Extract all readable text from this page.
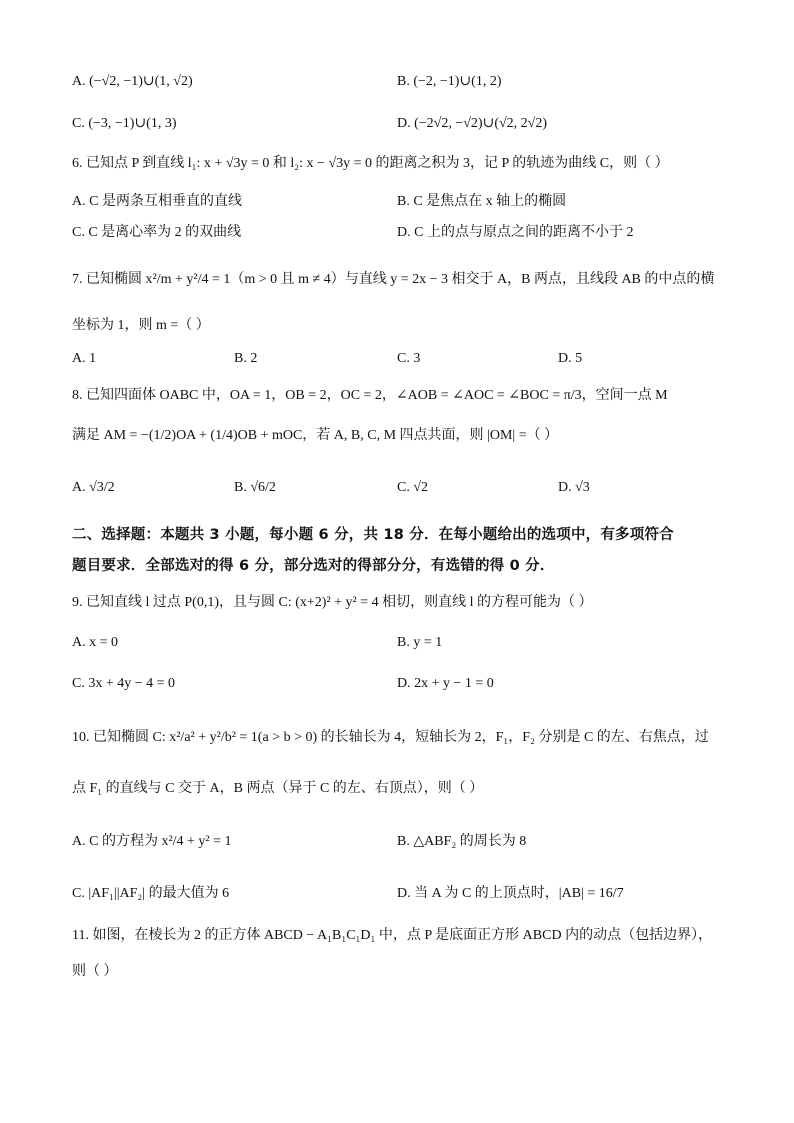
A. (−√2, −1)∪(1, √2)	B. (−2, −1)∪(1, 2)
C. (−3, −1)∪(1, 3)	D. (−2√2, −√2)∪(√2, 2√2)
6. 已知点 P 到直线 l₁: x + √3y = 0 和 l₂: x − √3y = 0 的距离之积为 3，记 P 的轨迹为曲线 C，则（ ）
A. C 是两条互相垂直的直线	B. C 是焦点在 x 轴上的椭圆
C. C 是离心率为 2 的双曲线	D. C 上的点与原点之间的距离不小于 2
7. 已知椭圆 x²/m + y²/4 = 1（m > 0 且 m ≠ 4）与直线 y = 2x − 3 相交于 A，B 两点，且线段 AB 的中点的横
坐标为 1，则 m =（ ）
A. 1	B. 2	C. 3	D. 5
8. 已知四面体 OABC 中，OA = 1，OB = 2，OC = 2，∠AOB = ∠AOC = ∠BOC = π/3，空间一点 M
满足 AM = −(1/2)OA + (1/4)OB + mOC，若 A, B, C, M 四点共面，则 |OM| =（ ）
A. √3/2	B. √6/2	C. √2	D. √3
二、选择题：本题共 3 小题，每小题 6 分，共 18 分．在每小题给出的选项中，有多项符合
题目要求．全部选对的得 6 分，部分选对的得部分分，有选错的得 0 分．
9. 已知直线 l 过点 P(0,1)，且与圆 C: (x+2)² + y² = 4 相切，则直线 l 的方程可能为（ ）
A. x = 0	B. y = 1
C. 3x + 4y − 4 = 0	D. 2x + y − 1 = 0
10. 已知椭圆 C: x²/a² + y²/b² = 1(a > b > 0) 的长轴长为 4，短轴长为 2，F₁，F₂ 分别是 C 的左、右焦点，过
点 F₁ 的直线与 C 交于 A，B 两点（异于 C 的左、右顶点），则（ ）
A. C 的方程为 x²/4 + y² = 1	B. △ABF₂ 的周长为 8
C. |AF₁||AF₂| 的最大值为 6	D. 当 A 为 C 的上顶点时，|AB| = 16/7
11. 如图，在棱长为 2 的正方体 ABCD − A₁B₁C₁D₁ 中，点 P 是底面正方形 ABCD 内的动点（包括边界），
则（ ）
